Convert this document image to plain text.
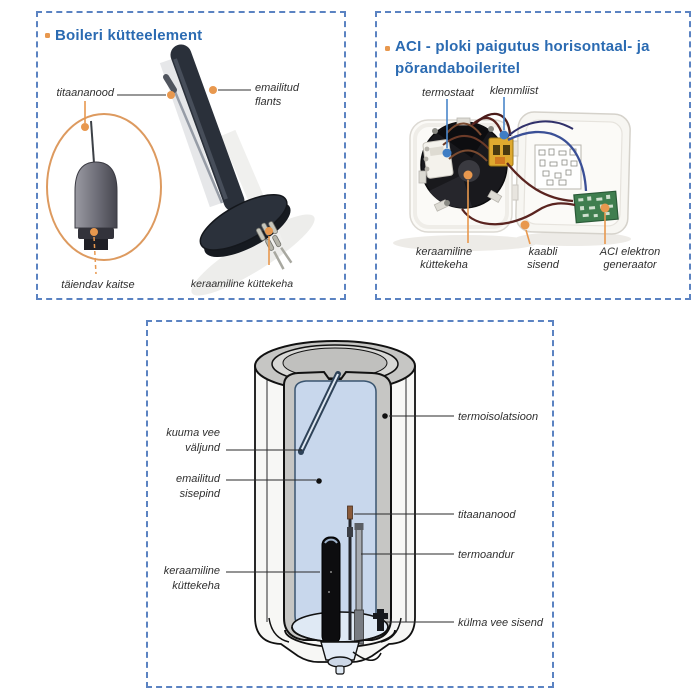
Boileri kütteelement
titaananood	emailitud flants
täiendav kaitse	keraamiline küttekeha
ACI - ploki paigutus horisontaal- ja
põrandaboileritel
termostaat	klemmliist
keraamiline küttekeha
kaabli sisend
ACI elektron generaator
kuuma vee väljund
emailitud sisepind
keraamiline küttekeha
termoisolatsioon
titaananood
termoandur
külma vee sisend
